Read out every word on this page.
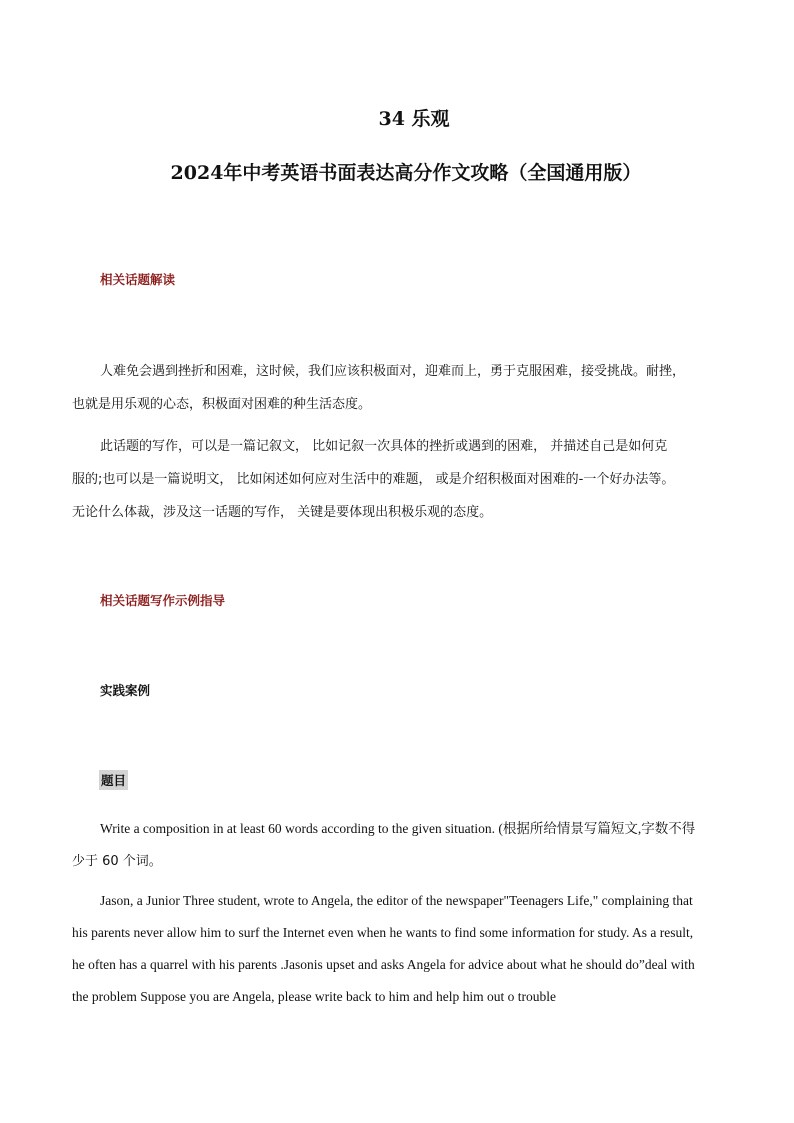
34 乐观
2024年中考英语书面表达高分作文攻略（全国通用版）
相关话题解读
人难免会遇到挫折和困难，这时候，我们应该积极面对，迎难而上，勇于克服困难，接受挑战。耐挫，
也就是用乐观的心态，积极面对困难的种生活态度。
此话题的写作，可以是一篇记叙文， 比如记叙一次具体的挫折或遇到的困难， 并描述自己是如何克
服的;也可以是一篇说明文， 比如闲述如何应对生活中的难题， 或是介绍积极面对困难的-一个好办法等。
无论什么体裁，涉及这一话题的写作， 关键是要体现出积极乐观的态度。
相关话题写作示例指导
实践案例
题目
Write a composition in at least 60 words according to the given situation. (根据所给情景写篇短文,字数不得
少于 60 个词。
Jason, a Junior Three student, wrote to Angela, the editor of the newspaper"Teenagers Life," complaining that
his parents never allow him to surf the Internet even when he wants to find some information for study. As a result,
he often has a quarrel with his parents .Jasonis upset and asks Angela for advice about what he should do”deal with
the problem Suppose you are Angela, please write back to him and help him out o trouble
